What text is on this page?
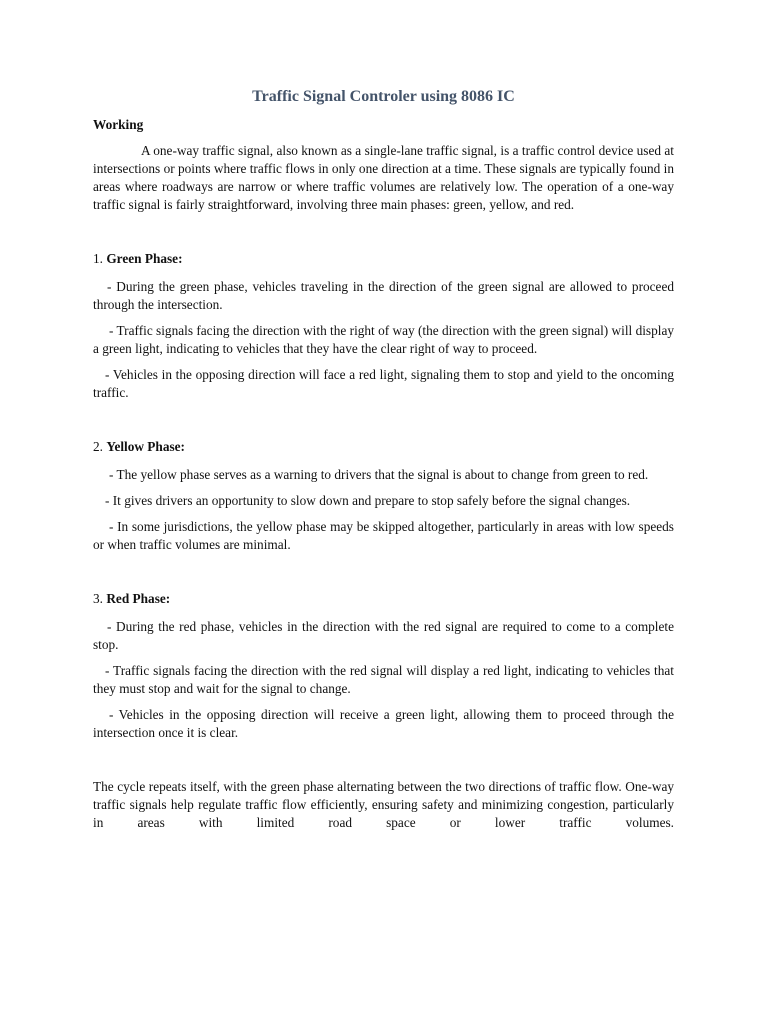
Traffic Signal Controler using 8086 IC
Working

A one-way traffic signal, also known as a single-lane traffic signal, is a traffic control device used at intersections or points where traffic flows in only one direction at a time. These signals are typically found in areas where roadways are narrow or where traffic volumes are relatively low. The operation of a one-way traffic signal is fairly straightforward, involving three main phases: green, yellow, and red.

1. Green Phase:

- During the green phase, vehicles traveling in the direction of the green signal are allowed to proceed through the intersection.

- Traffic signals facing the direction with the right of way (the direction with the green signal) will display a green light, indicating to vehicles that they have the clear right of way to proceed.

- Vehicles in the opposing direction will face a red light, signaling them to stop and yield to the oncoming traffic.

2. Yellow Phase:

- The yellow phase serves as a warning to drivers that the signal is about to change from green to red.

- It gives drivers an opportunity to slow down and prepare to stop safely before the signal changes.

- In some jurisdictions, the yellow phase may be skipped altogether, particularly in areas with low speeds or when traffic volumes are minimal.

3. Red Phase:

- During the red phase, vehicles in the direction with the red signal are required to come to a complete stop.

- Traffic signals facing the direction with the red signal will display a red light, indicating to vehicles that they must stop and wait for the signal to change.

- Vehicles in the opposing direction will receive a green light, allowing them to proceed through the intersection once it is clear.

The cycle repeats itself, with the green phase alternating between the two directions of traffic flow. One-way traffic signals help regulate traffic flow efficiently, ensuring safety and minimizing congestion, particularly in areas with limited road space or lower traffic volumes.
